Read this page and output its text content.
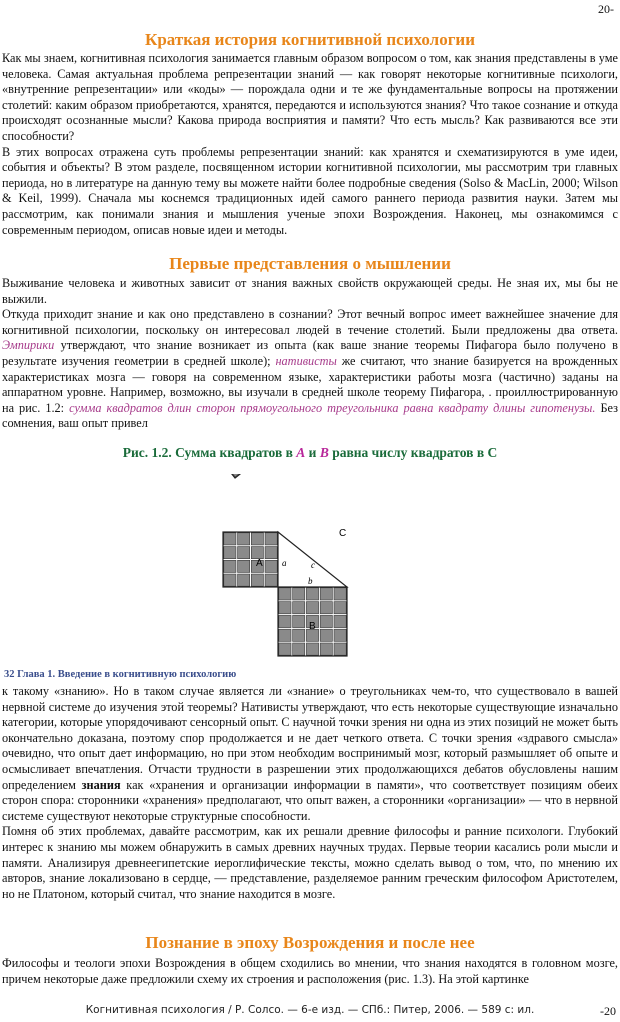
20-
Краткая история когнитивной психологии

Как мы знаем, когнитивная психология занимается главным образом вопросом о том, как знания представлены в уме человека. Самая актуальная проблема репрезентации знаний — как говорят некоторые когнитивные психологи, «внутренние репрезентации» или «коды» — порождала одни и те же фундаментальные вопросы на протяжении столетий: каким образом приобретаются, хранятся, передаются и используются знания? Что такое сознание и откуда происходят осознанные мысли? Какова природа восприятия и памяти? Что есть мысль? Как развиваются все эти способности?

В этих вопросах отражена суть проблемы репрезентации знаний: как хранятся и схематизируются в уме идеи, события и объекты? В этом разделе, посвященном истории когнитивной психологии, мы рассмотрим три главных периода, но в литературе на данную тему вы можете найти более подробные сведения (Solso & MacLin, 2000; Wilson & Keil, 1999). Сначала мы коснемся традиционных идей самого раннего периода развития науки. Затем мы рассмотрим, как понимали знания и мышления ученые эпохи Возрождения. Наконец, мы ознакомимся с современным периодом, описав новые идеи и методы.

Первые представления о мышлении

Выживание человека и животных зависит от знания важных свойств окружающей среды. Не зная их, мы бы не выжили.

Откуда приходит знание и как оно представлено в сознании? Этот вечный вопрос имеет важнейшее значение для когнитивной психологии, поскольку он интересовал людей в течение столетий. Были предложены два ответа. Эмпирики утверждают, что знание возникает из опыта (как ваше знание теоремы Пифагора было получено в результате изучения геометрии в средней школе); нативисты же считают, что знание базируется на врожденных характеристиках мозга — говоря на современном языке, характеристики работы мозга (частично) заданы на аппаратном уровне. Например, возможно, вы изучали в средней школе теорему Пифагора, . проиллюстрированную на рис. 1.2: сумма квадратов длин сторон прямоугольного треугольника равна квадрату длины гипотенузы. Без сомнения, ваш опыт привел

Рис. 1.2. Сумма квадратов в A и B равна числу квадратов в С
a
b
c
A
B
C
32 Глава 1. Введение в когнитивную психологию

к такому «знанию». Но в таком случае является ли «знание» о треугольниках чем-то, что существовало в вашей нервной системе до изучения этой теоремы? Нативисты утверждают, что есть некоторые существующие изначально категории, которые упорядочивают сенсорный опыт. С научной точки зрения ни одна из этих позиций не может быть окончательно доказана, поэтому спор продолжается и не дает четкого ответа. С точки зрения «здравого смысла» очевидно, что опыт дает информацию, но при этом необходим воспринимый мозг, который размышляет об опыте и осмысливает впечатления. Отчасти трудности в разрешении этих продолжающихся дебатов обусловлены нашим определением знания как «хранения и организации информации в памяти», что соответствует позициям обеих сторон спора: сторонники «хранения» предполагают, что опыт важен, а сторонники «организации» — что в нервной системе существуют некоторые структурные способности.

Помня об этих проблемах, давайте рассмотрим, как их решали древние философы и ранние психологи. Глубокий интерес к знанию мы можем обнаружить в самых древних научных трудах. Первые теории касались роли мысли и памяти. Анализируя древнеегипетские иероглифические тексты, можно сделать вывод о том, что, по мнению их авторов, знание локализовано в сердце, — представление, разделяемое ранним греческим философом Аристотелем, но не Платоном, который считал, что знание находится в мозге.

Познание в эпоху Возрождения и после нее

Философы и теологи эпохи Возрождения в общем сходились во мнении, что знания находятся в головном мозге, причем некоторые даже предложили схему их строения и расположения (рис. 1.3). На этой картинке

Когнитивная психология / Р. Солсо. — 6-е изд. — СПб.: Питер, 2006. — 589 с: ил.	-20
